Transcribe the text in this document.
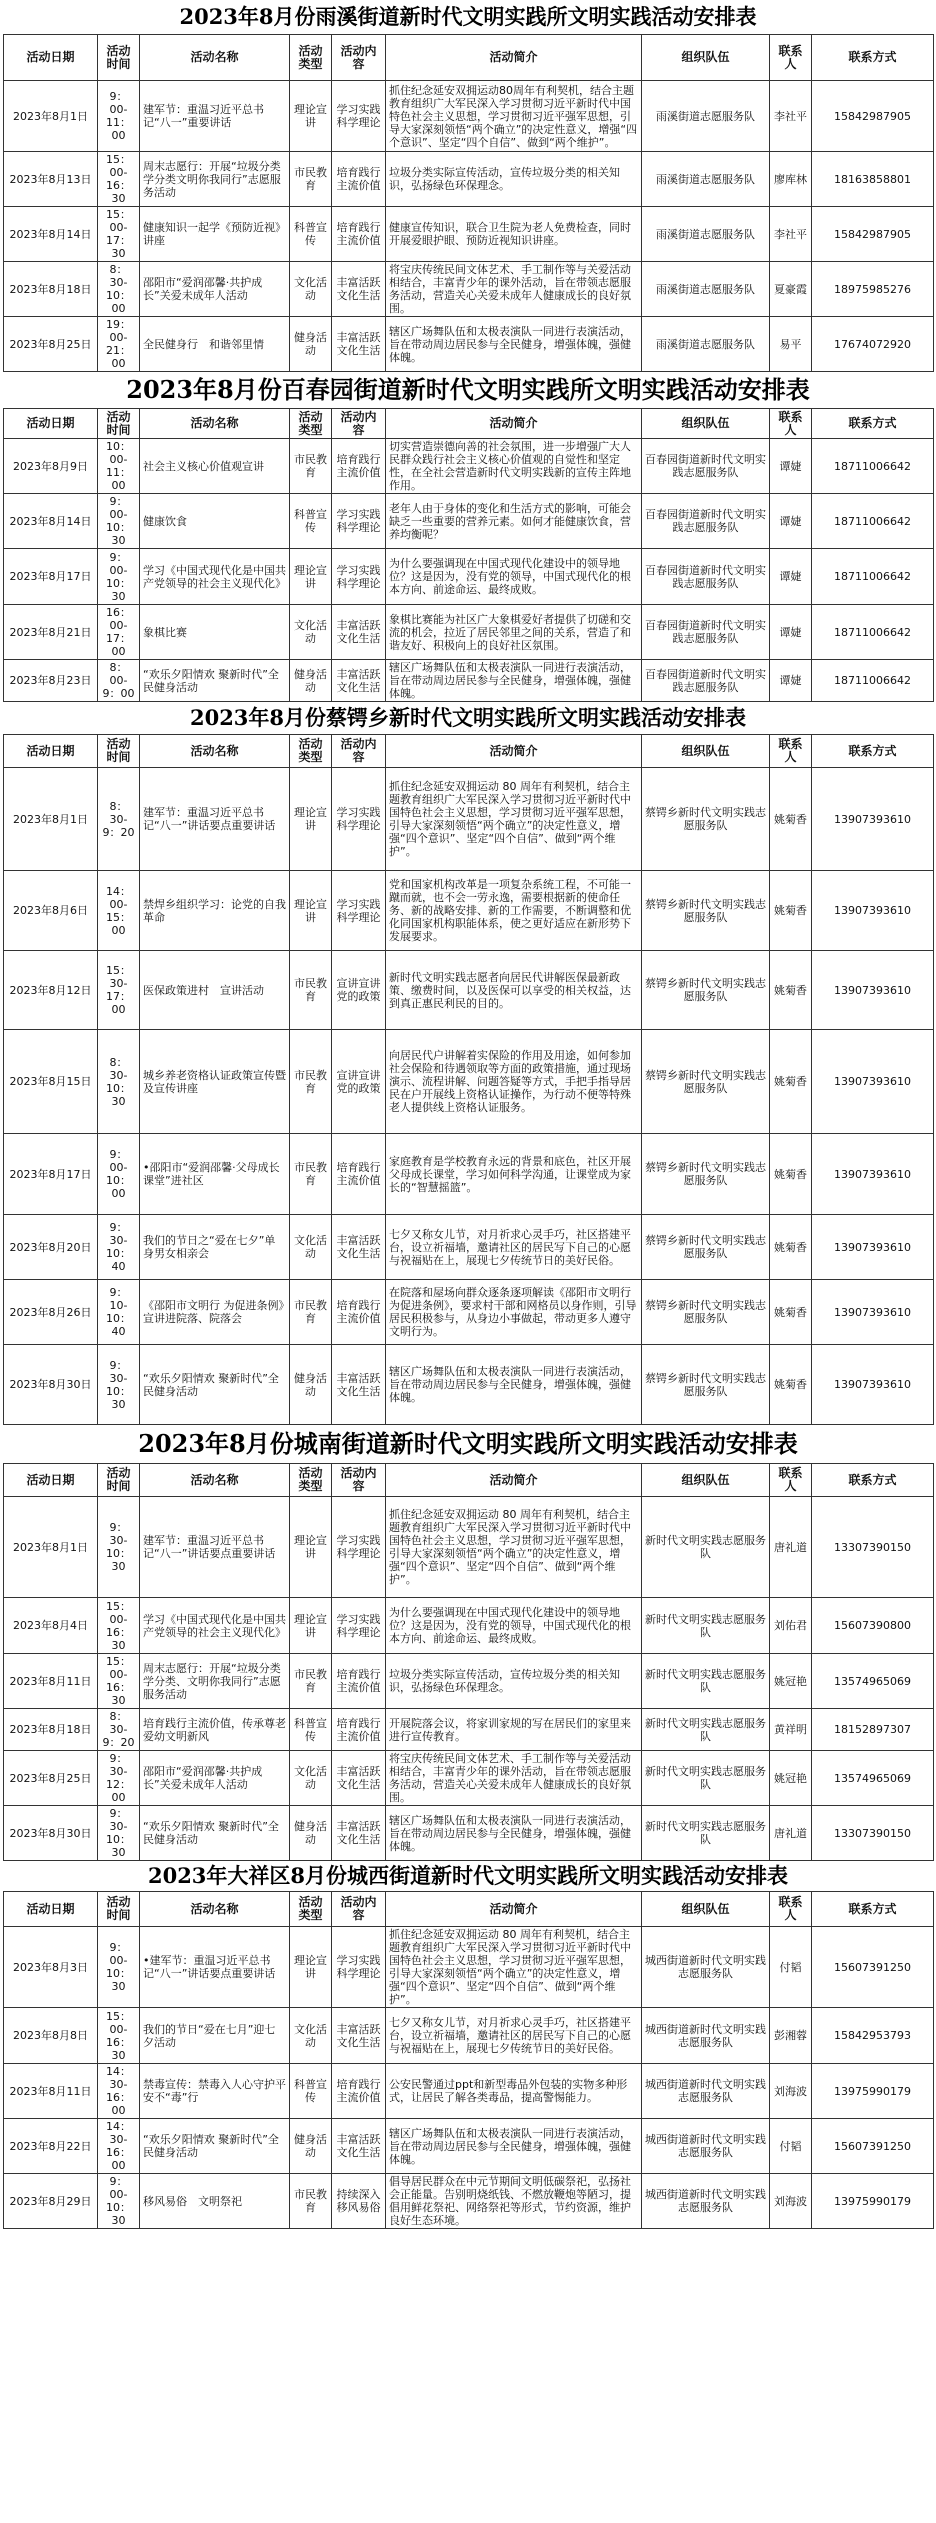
2023年8月份雨溪街道新时代文明实践所文明实践活动安排表
活动日期	活动时间	活动名称	活动类型	活动内容	活动简介	组织队伍	联系人	联系方式
2023年8月1日	9：00-11：00	建军节：重温习近平总书记“八一”重要讲话	理论宣讲	学习实践科学理论	抓住纪念延安双拥运动80周年有利契机，结合主题教育组织广大军民深入学习贯彻习近平新时代中国特色社会主义思想，学习贯彻习近平强军思想，引导大家深刻领悟“两个确立”的决定性意义，增强“四个意识”、坚定“四个自信”、做到“两个维护”。	雨溪街道志愿服务队	李社平	15842987905
2023年8月13日	15：00-16：30	周末志愿行：开展“垃圾分类学分类文明你我同行”志愿服务活动	市民教育	培育践行主流价值	垃圾分类实际宣传活动，宣传垃圾分类的相关知识，弘扬绿色环保理念。	雨溪街道志愿服务队	廖库林	18163858801
2023年8月14日	15：00-17：30	健康知识一起学《预防近视》讲座	科普宣传	培育践行主流价值	健康宣传知识，联合卫生院为老人免费检查，同时开展爱眼护眼、预防近视知识讲座。	雨溪街道志愿服务队	李社平	15842987905
2023年8月18日	8：30-10：00	邵阳市“爱润邵馨·共护成长”关爱未成年人活动	文化活动	丰富活跃文化生活	将宝庆传统民间文体艺术、手工制作等与关爱活动相结合，丰富青少年的课外活动，旨在带领志愿服务活动，营造关心关爱未成年人健康成长的良好氛围。	雨溪街道志愿服务队	夏豪霞	18975985276
2023年8月25日	19：00-21：00	全民健身行　和谐邻里情	健身活动	丰富活跃文化生活	辖区广场舞队伍和太极表演队一同进行表演活动，旨在带动周边居民参与全民健身，增强体魄，强健体魄。	雨溪街道志愿服务队	易平	17674072920
2023年8月份百春园街道新时代文明实践所文明实践活动安排表
活动日期	活动时间	活动名称	活动类型	活动内容	活动简介	组织队伍	联系人	联系方式
2023年8月9日	10：00-11：00	社会主义核心价值观宣讲	市民教育	培育践行主流价值	切实营造崇德向善的社会氛围，进一步增强广大人民群众践行社会主义核心价值观的自觉性和坚定性，在全社会营造新时代文明实践新的宣传主阵地作用。	百春园街道新时代文明实践志愿服务队	谭婕	18711006642
2023年8月14日	9：00-10：30	健康饮食	科普宣传	学习实践科学理论	老年人由于身体的变化和生活方式的影响，可能会缺乏一些重要的营养元素。如何才能健康饮食，营养均衡呢？	百春园街道新时代文明实践志愿服务队	谭婕	18711006642
2023年8月17日	9：00-10：30	学习《中国式现代化是中国共产党领导的社会主义现代化》	理论宣讲	学习实践科学理论	为什么要强调现在中国式现代化建设中的领导地位？这是因为，没有党的领导，中国式现代化的根本方向、前途命运、最终成败。	百春园街道新时代文明实践志愿服务队	谭婕	18711006642
2023年8月21日	16：00-17：00	象棋比赛	文化活动	丰富活跃文化生活	象棋比赛能为社区广大象棋爱好者提供了切磋和交流的机会，拉近了居民邻里之间的关系，营造了和谐友好、积极向上的良好社区氛围。	百春园街道新时代文明实践志愿服务队	谭婕	18711006642
2023年8月23日	8：00-9：00	“欢乐夕阳情欢 聚新时代”全民健身活动	健身活动	丰富活跃文化生活	辖区广场舞队伍和太极表演队一同进行表演活动，旨在带动周边居民参与全民健身，增强体魄，强健体魄。	百春园街道新时代文明实践志愿服务队	谭婕	18711006642
2023年8月份蔡锷乡新时代文明实践所文明实践活动安排表
活动日期	活动时间	活动名称	活动类型	活动内容	活动简介	组织队伍	联系人	联系方式
2023年8月1日	8：30-9：20	建军节：重温习近平总书记“八一”讲话要点重要讲话	理论宣讲	学习实践科学理论	抓住纪念延安双拥运动 80 周年有利契机，结合主题教育组织广大军民深入学习贯彻习近平新时代中国特色社会主义思想，学习贯彻习近平强军思想，引导大家深刻领悟“两个确立”的决定性意义，增强“四个意识”、坚定“四个自信”、做到“两个维护”。	蔡锷乡新时代文明实践志愿服务队	姚菊香	13907393610
2023年8月6日	14：00-15：00	禁焊乡组织学习：论党的自我革命	理论宣讲	学习实践科学理论	党和国家机构改革是一项复杂系统工程，不可能一蹴而就，也不会一劳永逸，需要根据新的使命任务、新的战略安排、新的工作需要，不断调整和优化同国家机构职能体系，使之更好适应在新形势下发展要求。	蔡锷乡新时代文明实践志愿服务队	姚菊香	13907393610
2023年8月12日	15：30-17：00	医保政策进村　宣讲活动	市民教育	宣讲宣讲党的政策	新时代文明实践志愿者向居民代讲解医保最新政策、缴费时间，以及医保可以享受的相关权益，达到真正惠民利民的目的。	蔡锷乡新时代文明实践志愿服务队	姚菊香	13907393610
2023年8月15日	8：30-10：30	城乡养老资格认证政策宣传暨及宣传讲座	市民教育	宣讲宣讲党的政策	向居民代户讲解着实保险的作用及用途，如何参加社会保险和待遇领取等方面的政策措施，通过现场演示、流程讲解、问题答疑等方式，手把手指导居民在户开展线上资格认证操作，为行动不便等特殊老人提供线上资格认证服务。	蔡锷乡新时代文明实践志愿服务队	姚菊香	13907393610
2023年8月17日	9：00-10：00	•邵阳市“爱润邵馨·父母成长课堂”进社区	市民教育	培育践行主流价值	家庭教育是学校教育永远的背景和底色，社区开展父母成长课堂，学习如何科学沟通，让课堂成为家长的“智慧摇篮”。	蔡锷乡新时代文明实践志愿服务队	姚菊香	13907393610
2023年8月20日	9：30-10：40	我们的节日之“爱在七夕”单身男女相亲会	文化活动	丰富活跃文化生活	七夕又称女儿节，对月祈求心灵手巧，社区搭建平台，设立祈福墙，邀请社区的居民写下自己的心愿与祝福贴在上，展现七夕传统节日的美好民俗。	蔡锷乡新时代文明实践志愿服务队	姚菊香	13907393610
2023年8月26日	9：10-10：40	《邵阳市文明行 为促进条例》宣讲进院落、院落会	市民教育	培育践行主流价值	在院落和屋场向群众逐条逐项解读《邵阳市文明行为促进条例》，要求村干部和网格员以身作则，引导居民积极参与，从身边小事做起，带动更多人遵守文明行为。	蔡锷乡新时代文明实践志愿服务队	姚菊香	13907393610
2023年8月30日	9：30-10：30	“欢乐夕阳情欢 聚新时代”全民健身活动	健身活动	丰富活跃文化生活	辖区广场舞队伍和太极表演队一同进行表演活动，旨在带动周边居民参与全民健身，增强体魄，强健体魄。	蔡锷乡新时代文明实践志愿服务队	姚菊香	13907393610
2023年8月份城南街道新时代文明实践所文明实践活动安排表
活动日期	活动时间	活动名称	活动类型	活动内容	活动简介	组织队伍	联系人	联系方式
2023年8月1日	9：30-10：30	建军节：重温习近平总书记“八一”讲话要点重要讲话	理论宣讲	学习实践科学理论	抓住纪念延安双拥运动 80 周年有利契机，结合主题教育组织广大军民深入学习贯彻习近平新时代中国特色社会主义思想，学习贯彻习近平强军思想，引导大家深刻领悟“两个确立”的决定性意义，增强“四个意识”、坚定“四个自信”、做到“两个维护”。	新时代文明实践志愿服务队	唐礼道	13307390150
2023年8月4日	15：00-16：30	学习《中国式现代化是中国共产党领导的社会主义现代化》	理论宣讲	学习实践科学理论	为什么要强调现在中国式现代化建设中的领导地位？这是因为，没有党的领导，中国式现代化的根本方向、前途命运、最终成败。	新时代文明实践志愿服务队	刘佑君	15607390800
2023年8月11日	15：00-16：30	周末志愿行：开展“垃圾分类学分类、文明你我同行”志愿服务活动	市民教育	培育践行主流价值	垃圾分类实际宣传活动，宣传垃圾分类的相关知识，弘扬绿色环保理念。	新时代文明实践志愿服务队	姚冠艳	13574965069
2023年8月18日	8：30-9：20	培育践行主流价值，传承尊老爱幼文明新风	科普宣传	培育践行主流价值	开展院落会议，将家训家规的写在居民们的家里来进行宣传教育。	新时代文明实践志愿服务队	黄祥明	18152897307
2023年8月25日	9：30-12：00	邵阳市“爱润邵馨·共护成长”关爱未成年人活动	文化活动	丰富活跃文化生活	将宝庆传统民间文体艺术、手工制作等与关爱活动相结合，丰富青少年的课外活动，旨在带领志愿服务活动，营造关心关爱未成年人健康成长的良好氛围。	新时代文明实践志愿服务队	姚冠艳	13574965069
2023年8月30日	9：30-10：30	“欢乐夕阳情欢 聚新时代”全民健身活动	健身活动	丰富活跃文化生活	辖区广场舞队伍和太极表演队一同进行表演活动，旨在带动周边居民参与全民健身，增强体魄，强健体魄。	新时代文明实践志愿服务队	唐礼道	13307390150
2023年大祥区8月份城西街道新时代文明实践所文明实践活动安排表
活动日期	活动时间	活动名称	活动类型	活动内容	活动简介	组织队伍	联系人	联系方式
2023年8月3日	9：00-10：30	•建军节：重温习近平总书记“八一”讲话要点重要讲话	理论宣讲	学习实践科学理论	抓住纪念延安双拥运动 80 周年有利契机，结合主题教育组织广大军民深入学习贯彻习近平新时代中国特色社会主义思想，学习贯彻习近平强军思想，引导大家深刻领悟“两个确立”的决定性意义，增强“四个意识”、坚定“四个自信”、做到“两个维护”。	城西街道新时代文明实践志愿服务队	付韬	15607391250
2023年8月8日	15：00-16：30	我们的节日“爱在七月”迎七夕活动	文化活动	丰富活跃文化生活	七夕又称女儿节，对月祈求心灵手巧，社区搭建平台，设立祈福墙，邀请社区的居民写下自己的心愿与祝福贴在上，展现七夕传统节日的美好民俗。	城西街道新时代文明实践志愿服务队	彭湘蓉	15842953793
2023年8月11日	14：30-16：00	禁毒宣传：禁毒入人心守护平安不“毒”行	科普宣传	培育践行主流价值	公安民警通过ppt和新型毒品外包装的实物多种形式，让居民了解各类毒品，提高警惕能力。	城西街道新时代文明实践志愿服务队	刘海波	13975990179
2023年8月22日	14：30-16：00	“欢乐夕阳情欢 聚新时代”全民健身活动	健身活动	丰富活跃文化生活	辖区广场舞队伍和太极表演队一同进行表演活动，旨在带动周边居民参与全民健身，增强体魄，强健体魄。	城西街道新时代文明实践志愿服务队	付韬	15607391250
2023年8月29日	9：00-10：30	移风易俗　文明祭祀	市民教育	持续深入移风易俗	倡导居民群众在中元节期间文明低碳祭祀，弘扬社会正能量。告别明烧纸钱、不燃放鞭炮等陋习，提倡用鲜花祭祀、网络祭祀等形式，节约资源，维护良好生态环境。	城西街道新时代文明实践志愿服务队	刘海波	13975990179
